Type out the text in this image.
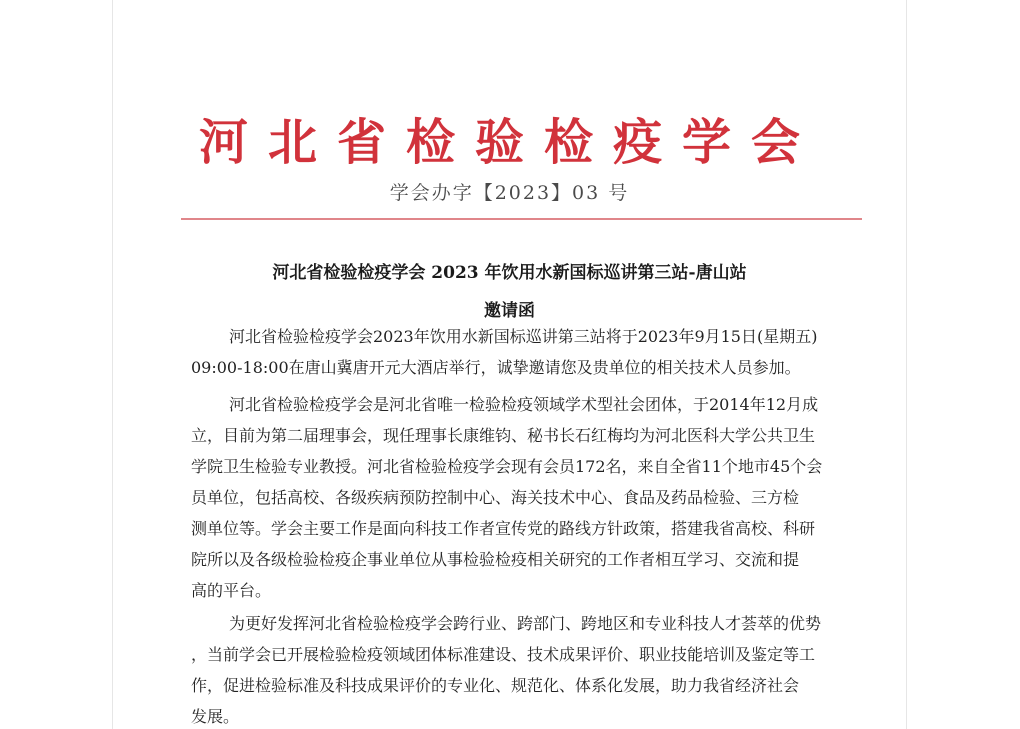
河北省检验检疫学会
学会办字【2023】03 号
河北省检验检疫学会 2023 年饮用水新国标巡讲第三站-唐山站
邀请函
河北省检验检疫学会2023年饮用水新国标巡讲第三站将于2023年9月15日(星期五)
09:00-18:00在唐山冀唐开元大酒店举行，诚挚邀请您及贵单位的相关技术人员参加。
河北省检验检疫学会是河北省唯一检验检疫领域学术型社会团体，于2014年12月成
立，目前为第二届理事会，现任理事长康维钧、秘书长石红梅均为河北医科大学公共卫生
学院卫生检验专业教授。河北省检验检疫学会现有会员172名，来自全省11个地市45个会
员单位，包括高校、各级疾病预防控制中心、海关技术中心、食品及药品检验、三方检
测单位等。学会主要工作是面向科技工作者宣传党的路线方针政策，搭建我省高校、科研
院所以及各级检验检疫企事业单位从事检验检疫相关研究的工作者相互学习、交流和提
高的平台。
为更好发挥河北省检验检疫学会跨行业、跨部门、跨地区和专业科技人才荟萃的优势
，当前学会已开展检验检疫领域团体标准建设、技术成果评价、职业技能培训及鉴定等工
作，促进检验标准及科技成果评价的专业化、规范化、体系化发展，助力我省经济社会
发展。
